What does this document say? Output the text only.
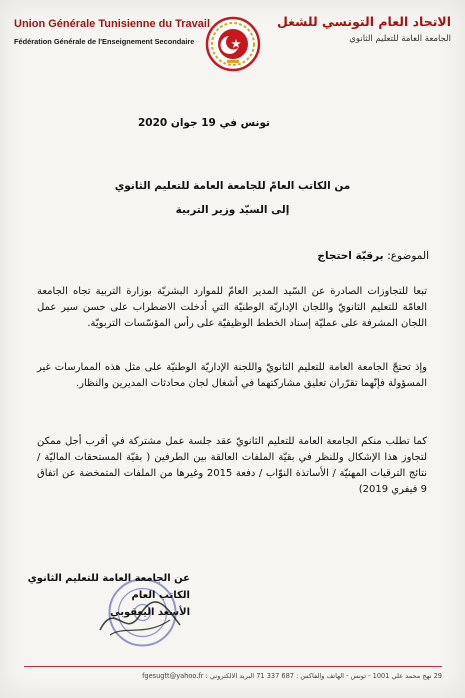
Union Générale Tunisienne du Travail
Fédération Générale de l'Enseignement Secondaire
الاتحاد العام التونسي للشغل
الجامعة العامة للتعليم الثانوي
تونس في 19 جوان 2020
من الكاتب العامّ للجامعة العامة للتعليم الثانوي
إلى السيّد وزير التربية
الموضوع: برقيّة احتجاج
تبعا للتجاوزات الصادرة عن السّيد المدير العامّ للموارد البشريّة بوزارة التربية تجاه الجامعة العامّة للتعليم الثانويّ واللجان الإداريّة الوطنيّة التي أدخلت الاضطراب على حسن سير عمل اللجان المشرفة على عمليّة إسناد الخطط الوظيفيّة على رأس المؤسّسات التربويّة.
وإذ تحتجّ الجامعة العامة للتعليم الثانويّ واللجنة الإداريّة الوطنيّة على مثل هذه الممارسات غير المسؤولة فإنّهما تقرّران تعليق مشاركتهما في أشغال لجان محادثات المديرين والنظار.
كما تطلب منكم الجامعة العامة للتعليم الثانويّ عقد جلسة عمل مشتركة في أقرب أجل ممكن لتجاوز هذا الإشكال وللنظر في بقيّة الملفات العالقة بين الطرفين ( بقيّة المستحقات الماليّة / نتائج الترقيات المهنيّة / الأساتذة النوّاب / دفعة 2015 وغيرها من الملفات المتمخضة عن اتفاق 9 فيفري 2019)
عن الجامعة العامة للتعليم الثانوي
الكاتب العام
الأسعد اليعقوبي
29 نهج محمد علي 1001 - تونس - الهاتف والفاكس : 687 337 71 البريد الالكتروني : fgesugtt@yahoo.fr
